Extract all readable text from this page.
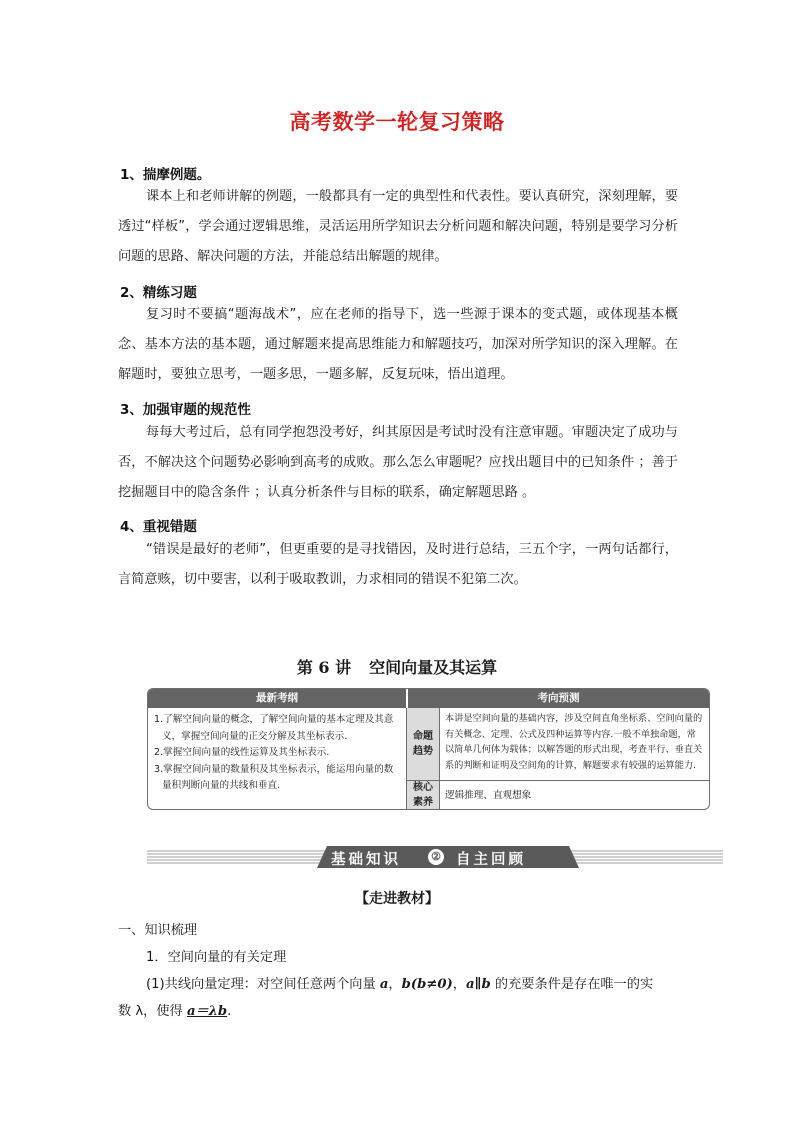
高考数学一轮复习策略
1、揣摩例题。
课本上和老师讲解的例题，一般都具有一定的典型性和代表性。要认真研究，深刻理解，要透过“样板”，学会通过逻辑思维，灵活运用所学知识去分析问题和解决问题，特别是要学习分析问题的思路、解决问题的方法，并能总结出解题的规律。
2、精练习题
复习时不要搞“题海战术”，应在老师的指导下，选一些源于课本的变式题，或体现基本概念、基本方法的基本题，通过解题来提高思维能力和解题技巧，加深对所学知识的深入理解。在解题时，要独立思考，一题多思，一题多解，反复玩味，悟出道理。
3、加强审题的规范性
每每大考过后，总有同学抱怨没考好，纠其原因是考试时没有注意审题。审题决定了成功与否，不解决这个问题势必影响到高考的成败。那么怎么审题呢？应找出题目中的已知条件 ；善于挖掘题目中的隐含条件 ；认真分析条件与目标的联系，确定解题思路 。
4、重视错题
“错误是最好的老师”，但更重要的是寻找错因，及时进行总结，三五个字，一两句话都行，言简意赅，切中要害，以利于吸取教训，力求相同的错误不犯第二次。
第 6 讲 空间向量及其运算
最新考纲	考向预测
1.了解空间向量的概念，了解空间向量的基本定理及其意义，掌握空间向量的正交分解及其坐标表示.
2.掌握空间向量的线性运算及其坐标表示.
3.掌握空间向量的数量积及其坐标表示，能运用向量的数量积判断向量的共线和垂直.
命题趋势
核心素养
本讲是空间向量的基础内容，涉及空间直角坐标系、空间向量的有关概念、定理、公式及四种运算等内容.一般不单独命题，常以简单几何体为载体；以解答题的形式出现，考查平行、垂直关系的判断和证明及空间角的计算，解题要求有较强的运算能力.
逻辑推理、直观想象
基础知识	② 自主回顾
【走进教材】
一、知识梳理
1．空间向量的有关定理
(1)共线向量定理：对空间任意两个向量 a，b(b≠0)，a∥b 的充要条件是存在唯一的实
数 λ，使得 a＝λb.
